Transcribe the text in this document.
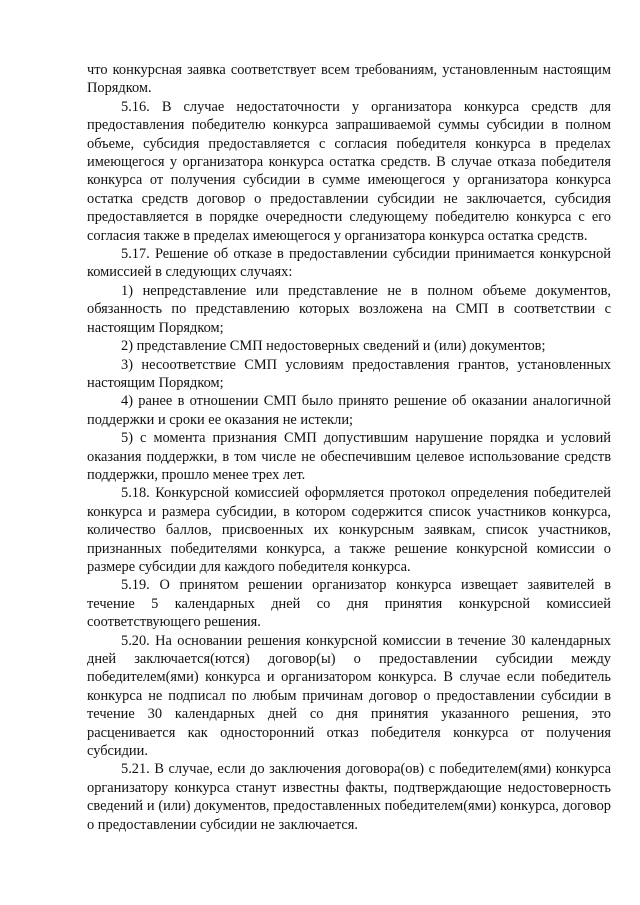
что конкурсная заявка соответствует всем требованиям, установленным настоящим Порядком.

5.16. В случае недостаточности у организатора конкурса средств для предоставления победителю конкурса запрашиваемой суммы субсидии в полном объеме, субсидия предоставляется с согласия победителя конкурса в пределах имеющегося у организатора конкурса остатка средств. В случае отказа победителя конкурса от получения субсидии в сумме имеющегося у организатора конкурса остатка средств договор о предоставлении субсидии не заключается, субсидия предоставляется в порядке очередности следующему победителю конкурса с его согласия также в пределах имеющегося у организатора конкурса остатка средств.

5.17. Решение об отказе в предоставлении субсидии принимается конкурсной комиссией в следующих случаях:

1) непредставление или представление не в полном объеме документов, обязанность по представлению которых возложена на СМП в соответствии с настоящим Порядком;

2) представление СМП недостоверных сведений и (или) документов;

3) несоответствие СМП условиям предоставления грантов, установленных настоящим Порядком;

4) ранее в отношении СМП было принято решение об оказании аналогичной поддержки и сроки ее оказания не истекли;

5) с момента признания СМП допустившим нарушение порядка и условий оказания поддержки, в том числе не обеспечившим целевое использование средств поддержки, прошло менее трех лет.

5.18. Конкурсной комиссией оформляется протокол определения победителей конкурса и размера субсидии, в котором содержится список участников конкурса, количество баллов, присвоенных их конкурсным заявкам, список участников, признанных победителями конкурса, а также решение конкурсной комиссии о размере субсидии для каждого победителя конкурса.

5.19. О принятом решении организатор конкурса извещает заявителей в течение 5 календарных дней со дня принятия конкурсной комиссией соответствующего решения.

5.20. На основании решения конкурсной комиссии в течение 30 календарных дней заключается(ются) договор(ы) о предоставлении субсидии между победителем(ями) конкурса и организатором конкурса. В случае если победитель конкурса не подписал по любым причинам договор о предоставлении субсидии в течение 30 календарных дней со дня принятия указанного решения, это расценивается как односторонний отказ победителя конкурса от получения субсидии.

5.21. В случае, если до заключения договора(ов) с победителем(ями) конкурса организатору конкурса станут известны факты, подтверждающие недостоверность сведений и (или) документов, предоставленных победителем(ями) конкурса, договор о предоставлении субсидии не заключается.
